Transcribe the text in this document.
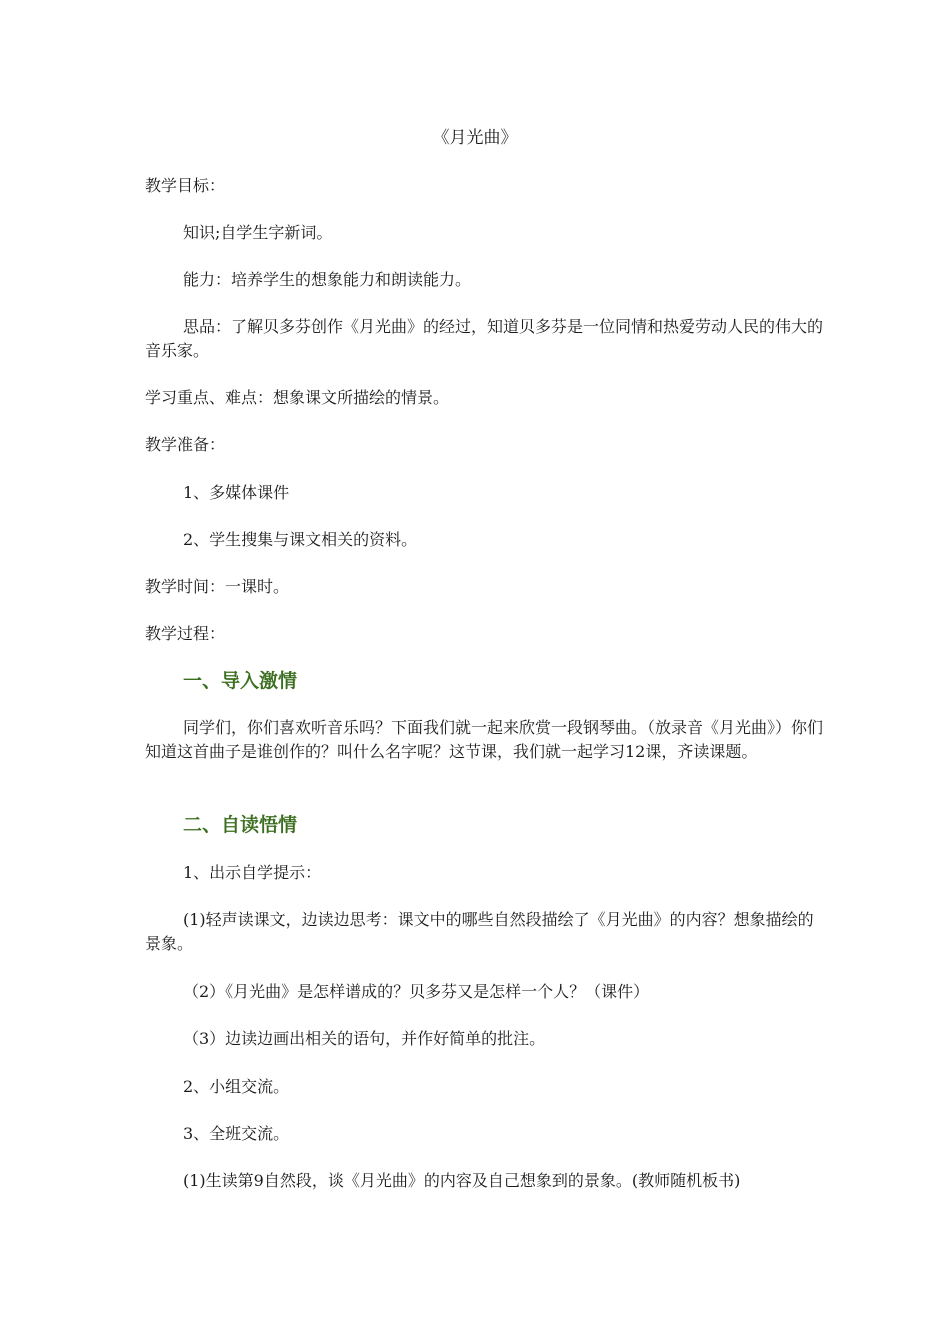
《月光曲》

教学目标：

知识;自学生字新词。

能力：培养学生的想象能力和朗读能力。

思品：了解贝多芬创作《月光曲》的经过，知道贝多芬是一位同情和热爱劳动人民的伟大的音乐家。

学习重点、难点：想象课文所描绘的情景。

教学准备：

1、多媒体课件

2、学生搜集与课文相关的资料。

教学时间：一课时。

教学过程：

一、导入激情

同学们，你们喜欢听音乐吗？下面我们就一起来欣赏一段钢琴曲。（放录音《月光曲》）你们知道这首曲子是谁创作的？叫什么名字呢？这节课，我们就一起学习12课，齐读课题。

二、自读悟情

1、出示自学提示：

(1)轻声读课文，边读边思考：课文中的哪些自然段描绘了《月光曲》的内容？想象描绘的景象。

（2）《月光曲》是怎样谱成的？贝多芬又是怎样一个人？（课件）

（3）边读边画出相关的语句，并作好简单的批注。

2、小组交流。

3、全班交流。

(1)生读第9自然段，谈《月光曲》的内容及自己想象到的景象。(教师随机板书)
